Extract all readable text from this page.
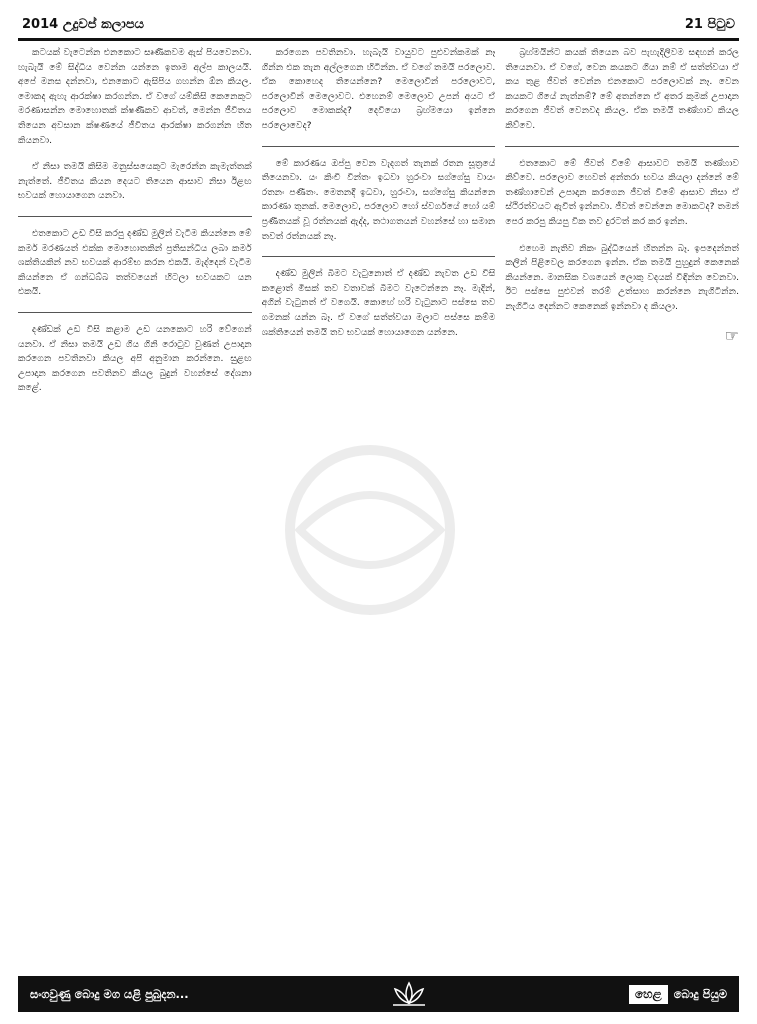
2014 උදුවප් කලාපය	21 පිටුව

කටයක් වැටෙන්න එනකොට සෘණිකවම ඇස් පියවෙනවා. හැබැයි මේ සිද්ධිය වෙන්න යන්නෙ ඉතාම අල්ප කාලයයි. අපේ මනස දන්නවා, එනකොට ඇසිපිය ගහන්න ඕන කියල. මොකද ඇහැ ආරක්ෂා කරගන්න. ඒ වගේ යම්කිසි කෙනෙකුට මරණාසන්න මොහොතක් ක්ෂණිකව ආවත්, මෙන්න ජීවිතය තියෙන අවසාන ක්ෂණයේ ජීවිතය ආරක්ෂා කරගන්න හිත කියනවා.

ඒ නිසා තමයි කිසිම මනුස්සයෙකුට මැරෙන්න කැමැත්තක් නැත්තේ. ජීවිතය කියන දෙයට තියෙන ආසාව නිසා ඊළඟ භවයක් හොයාගෙන යනවා.

එතකොට උඩ විසි කරපු දණ්ඩ මුලින් වැටීම කියන්නෙ මේ කර්ම මරණයත් එක්ක මොහොතකින් ප්‍රතිසන්ධිය ලබා කර්ම ශක්තියකින් නව භවයක් ආරම්භ කරන එකයි. මැද්දෙන් වැටීම කියන්නෙ ඒ ගන්ධබ්බ තත්වයෙන් හිටලා භවයකට යන එකයි.

දණ්ඩක් උඩ විසි කළාම උඩ යනකොට හරි වේගෙන් යනවා. ඒ නිසා තමයි උඩ ගිය ගිනි රොටුව වුණත් උපාදාන කරගෙන පවතිනවා කියල අපි අනුමාන කරන්නෙ. සුළඟ උපාදාන කරගෙන පවතිනව කියල බුදුන් වහන්සේ දේශනා කළේ.

කරගෙන පවතිනවා. හැබැයි වායුවට පුළුවන්කමක් නෑ ගින්න එක තැන අල්ලගෙන හිටින්න. ඒ වගේ තමයි පරලොව. ඒක කොහෙද තියෙන්නෙ? මෙලොවින් පරලොවට, පරලොවින් මෙලොවට. එහෙනම් මෙලොව උපන් අයට ඒ පරලොව මොකක්ද? දෙවියො බ්‍රහ්මයො ඉන්නෙ පරලොවෙද?

මේ කාරණය ඔප්පු වෙන වැදගත් තැනක් රතන සූත්‍රයේ තියෙනවා. යං කිංචි වින්තං ඉධවා හුරංවා සග්ගේසු වායං රතනං පණීතං. මෙතනදී ඉධවා, හුරංවා, සග්ගේසු කියන්නෙ කාරණා තුනක්. මෙලොව, පරලොව හෝ ස්වර්ගයේ හෝ යම් ප්‍රණීතයක් වූ රත්නයක් ඇද්ද, තථාගතයන් වහන්සේ හා සමාන තවත් රත්නයක් නෑ.

දණ්ඩ මුලින් බිමට වැටුනොත් ඒ දණ්ඩ නැවත උඩ විසි කළොත් මිසක් තව වතාවක් බිමට වැටෙන්නෙ නෑ. මැදින්, අගින් වැටුනත් ඒ වගෙයි. කොහේ හරි වැටුනාට පස්සෙ තව ගමනක් යන්න බෑ. ඒ වගේ සත්ත්වයා මලාට පස්සෙ කම්ම ශක්තියෙන් තමයි තව භවයක් හොයාගෙන යන්නෙ.

බ්‍රහ්මයින්ට කයක් තියෙන බව පැහැදිලිවම සඳහන් කරල තියෙනවා. ඒ වගේ, වෙන කයකට ගියා නම් ඒ සත්ත්වයා ඒ කය තුළ ජීවත් වෙන්න එනකොට පරලොවක් නෑ. වෙන කයකට ගියේ නැත්නම්? මේ අතන්නෙ ඒ අතර කුමක් උපාදාන කරගෙන ජීවත් වෙනවද කියල. ඒක තමයි තණ්හාව කියල කිව්වෙ.

එතකොට මේ ජීවත් වීමේ ආසාවට තමයි තණ්හාව කිව්වෙ. පරලොව හෙවත් අන්තරා භවය කියලා දන්නේ මේ තණ්හාවෙන් උපාදාන කරගෙන ජීවත් වීමේ ආසාව නිසා ඒ ස්ථිරත්වයට ඇවිත් ඉන්නවා. ජීවත් වෙන්නෙ මොකටද? තමන් පෙර කරපු කියපු වික තව දුරටත් කර කර ඉන්න.

එහෙම නැතිව නිකං බුද්ධියෙන් හිතන්න බෑ. ඉපදෙන්නත් කලින් පිළිවෙල කරගෙන ඉන්න. ඒක තමයි පුහුදුන් කෙනෙක් කියන්නෙ. මානසික වශයෙන් ලොකු වදයක් විඳින්න වෙනවා. ඊට පස්සෙ පුළුවන් තරම් උත්සාහ කරන්නෙ නැගිටින්න. නැගිටිය දෙන්නට කෙනෙක් ඉන්නවා ද කියලා.

☞
සංගවුණු බොදු මග යළි පුබුදන...	හෙළ	බොදු පියුම
